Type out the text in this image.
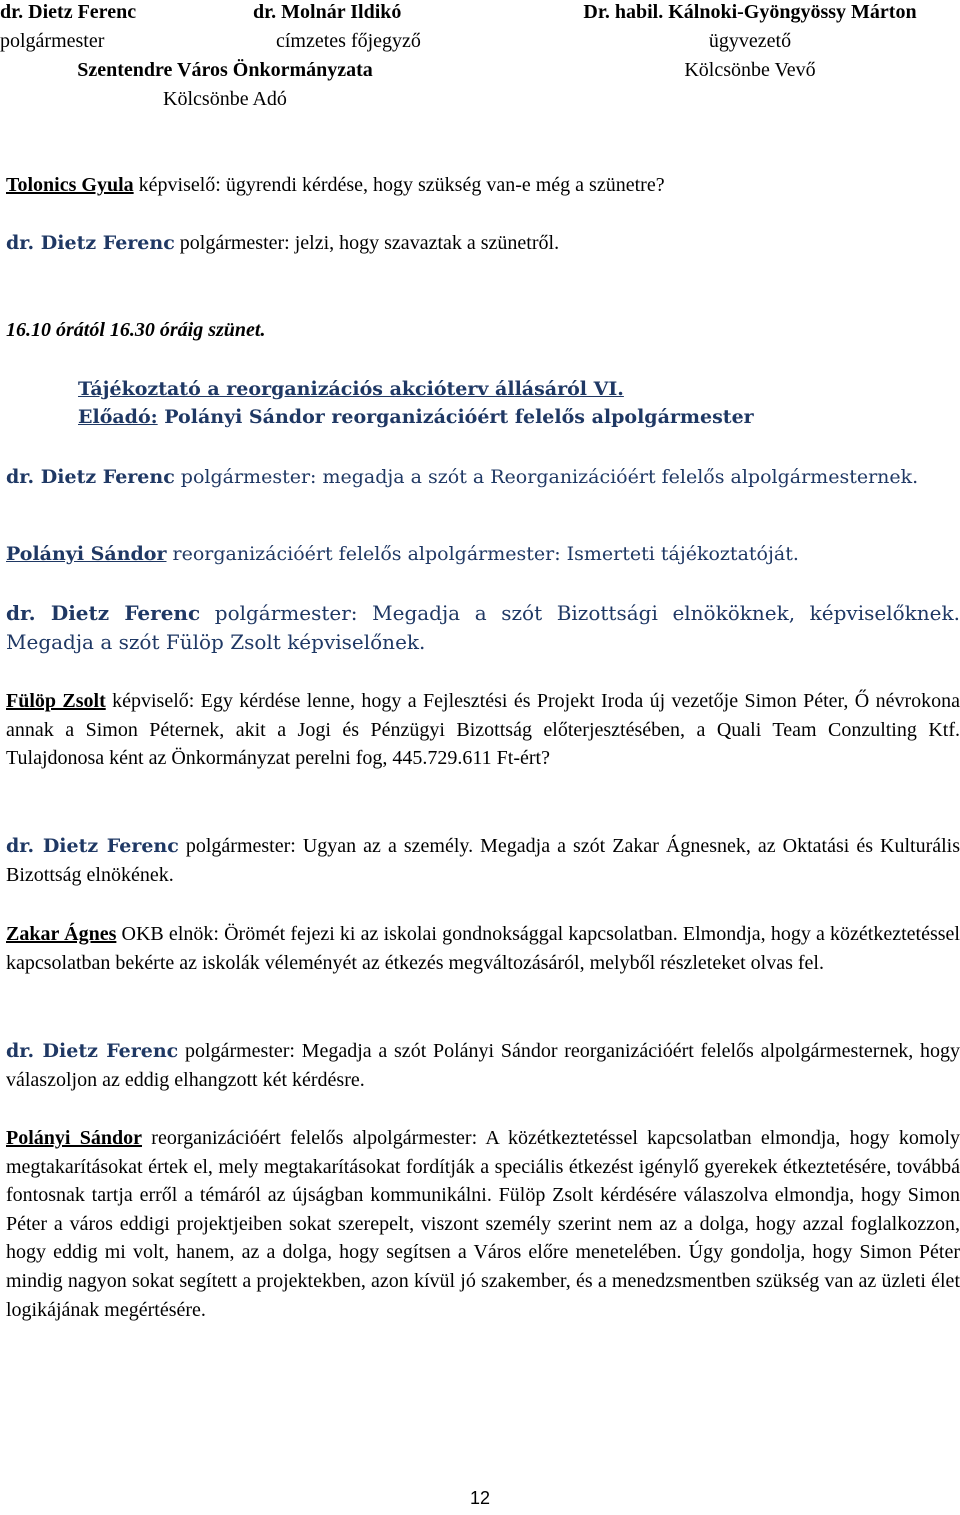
dr. Dietz Ferenc	dr. Molnár Ildikó	Dr. habil. Kálnoki-Gyöngyössy Márton
polgármester	címzetes főjegyző	ügyvezető
Szentendre Város Önkormányzata	Kölcsönbe Vevő
Kölcsönbe Adó
Tolonics Gyula képviselő: ügyrendi kérdése, hogy szükség van-e még a szünetre?
dr. Dietz Ferenc polgármester: jelzi, hogy szavaztak a szünetről.
16.10 órától 16.30 óráig szünet.
Tájékoztató a reorganizációs akcióterv állásáról VI.
Előadó: Polányi Sándor reorganizációért felelős alpolgármester
dr. Dietz Ferenc polgármester: megadja a szót a Reorganizációért felelős alpolgármesternek.
Polányi Sándor reorganizációért felelős alpolgármester: Ismerteti tájékoztatóját.

dr. Dietz Ferenc polgármester: Megadja a szót Bizottsági elnököknek, képviselőknek.

Megadja a szót Fülöp Zsolt képviselőnek.

Fülöp Zsolt képviselő: Egy kérdése lenne, hogy a Fejlesztési és Projekt Iroda új vezetője Simon Péter, Ő névrokona annak a Simon Péternek, akit a Jogi és Pénzügyi Bizottság előterjesztésében, a Quali Team Conzulting Ktf. Tulajdonosa ként az Önkormányzat perelni fog, 445.729.611 Ft-ért?
dr. Dietz Ferenc polgármester: Ugyan az a személy. Megadja a szót Zakar Ágnesnek, az Oktatási és Kulturális Bizottság elnökének.
Zakar Ágnes OKB elnök: Örömét fejezi ki az iskolai gondnoksággal kapcsolatban. Elmondja, hogy a közétkeztetéssel kapcsolatban bekérte az iskolák véleményét az étkezés megváltozásáról, melyből részleteket olvas fel.
dr. Dietz Ferenc polgármester: Megadja a szót Polányi Sándor reorganizációért felelős alpolgármesternek, hogy válaszoljon az eddig elhangzott két kérdésre.
Polányi Sándor reorganizációért felelős alpolgármester: A közétkeztetéssel kapcsolatban elmondja, hogy komoly megtakarításokat értek el, mely megtakarításokat fordítják a speciális étkezést igénylő gyerekek étkeztetésére, továbbá fontosnak tartja erről a témáról az újságban kommunikálni. Fülöp Zsolt kérdésére válaszolva elmondja, hogy Simon Péter a város eddigi projektjeiben sokat szerepelt, viszont személy szerint nem az a dolga, hogy azzal foglalkozzon, hogy eddig mi volt, hanem, az a dolga, hogy segítsen a Város előre menetelében. Úgy gondolja, hogy Simon Péter mindig nagyon sokat segített a projektekben, azon kívül jó szakember, és a menedzsmentben szükség van az üzleti élet logikájának megértésére.
12
